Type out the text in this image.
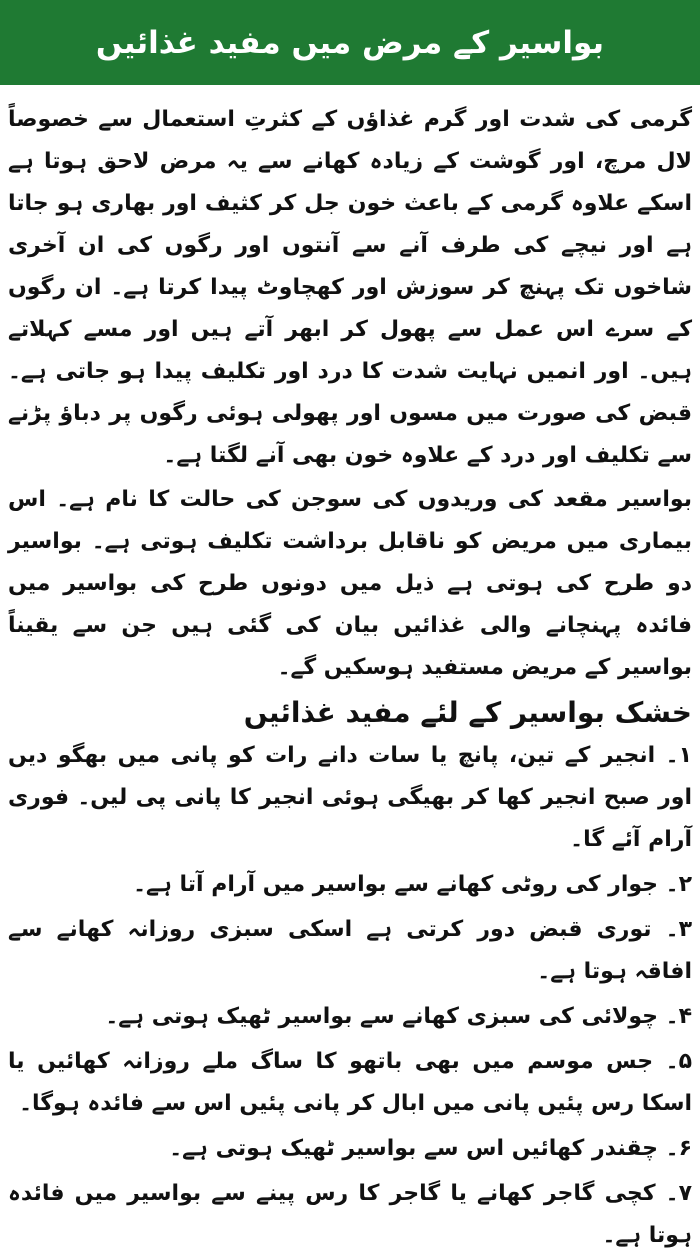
بواسیر کے مرض میں مفید غذائیں

گرمی کی شدت اور گرم غذاؤں کے کثرتِ استعمال سے خصوصاً لال مرچ، اور گوشت کے زیادہ کھانے سے یہ مرض لاحق ہوتا ہے اسکے علاوہ گرمی کے باعث خون جل کر کثیف اور بھاری ہو جاتا ہے اور نیچے کی طرف آنے سے آنتوں اور رگوں کی ان آخری شاخوں تک پہنچ کر سوزش اور کھچاوٹ پیدا کرتا ہے۔ ان رگوں کے سرے اس عمل سے پھول کر ابھر آتے ہیں اور مسے کہلاتے ہیں۔ اور انمیں نہایت شدت کا درد اور تکلیف پیدا ہو جاتی ہے۔ قبض کی صورت میں مسوں اور پھولی ہوئی رگوں پر دباؤ پڑنے سے تکلیف اور درد کے علاوہ خون بھی آنے لگتا ہے۔

بواسیر مقعد کی وریدوں کی سوجن کی حالت کا نام ہے۔ اس بیماری میں مریض کو ناقابل برداشت تکلیف ہوتی ہے۔ بواسیر دو طرح کی ہوتی ہے ذیل میں دونوں طرح کی بواسیر میں فائدہ پہنچانے والی غذائیں بیان کی گئی ہیں جن سے یقیناً بواسیر کے مریض مستفید ہوسکیں گے۔

خشک بواسیر کے لئے مفید غذائیں
۱۔ انجیر کے تین، پانچ یا سات دانے رات کو پانی میں بھگو دیں اور صبح انجیر کھا کر بھیگی ہوئی انجیر کا پانی پی لیں۔ فوری آرام آئے گا۔
۲۔ جوار کی روٹی کھانے سے بواسیر میں آرام آتا ہے۔
۳۔ توری قبض دور کرتی ہے اسکی سبزی روزانہ کھانے سے افاقہ ہوتا ہے۔
۴۔ چولائی کی سبزی کھانے سے بواسیر ٹھیک ہوتی ہے۔
۵۔ جس موسم میں بھی باتھو کا ساگ ملے روزانہ کھائیں یا اسکا رس پئیں پانی میں ابال کر پانی پئیں اس سے فائدہ ہوگا۔
۶۔ چقندر کھائیں اس سے بواسیر ٹھیک ہوتی ہے۔
۷۔ کچی گاجر کھانے یا گاجر کا رس پینے سے بواسیر میں فائدہ ہوتا ہے۔
